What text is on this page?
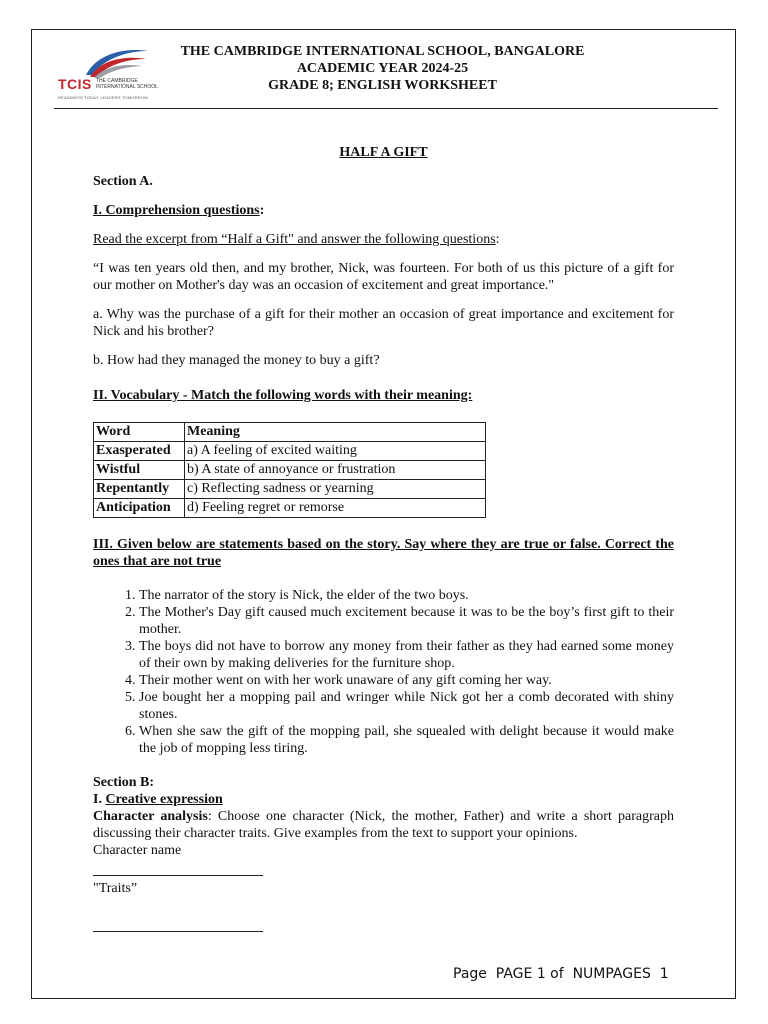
TCIS THE CAMBRIDGE
INTERNATIONAL SCHOOL
READINESS TODAY, LEADERS TOMORROW
THE CAMBRIDGE INTERNATIONAL SCHOOL, BANGALORE
ACADEMIC YEAR 2024-25
GRADE 8; ENGLISH WORKSHEET

HALF A GIFT

Section A.

I. Comprehension questions:

Read the excerpt from “Half a Gift" and answer the following questions:

“I was ten years old then, and my brother, Nick, was fourteen. For both of us this picture of a gift for our mother on Mother's day was an occasion of excitement and great importance."

a. Why was the purchase of a gift for their mother an occasion of great importance and excitement for Nick and his brother?

b. How had they managed the money to buy a gift?

II. Vocabulary - Match the following words with their meaning:

Word	Meaning
Exasperated	a) A feeling of excited waiting
Wistful	b) A state of annoyance or frustration
Repentantly	c) Reflecting sadness or yearning
Anticipation	d) Feeling regret or remorse

III. Given below are statements based on the story. Say where they are true or false. Correct the ones that are not true

1. The narrator of the story is Nick, the elder of the two boys.
2. The Mother's Day gift caused much excitement because it was to be the boy’s first gift to their mother.
3. The boys did not have to borrow any money from their father as they had earned some money of their own by making deliveries for the furniture shop.
4. Their mother went on with her work unaware of any gift coming her way.
5. Joe bought her a mopping pail and wringer while Nick got her a comb decorated with shiny stones.
6. When she saw the gift of the mopping pail, she squealed with delight because it would make the job of mopping less tiring.

Section B:

I. Creative expression

Character analysis: Choose one character (Nick, the mother, Father) and write a short paragraph discussing their character traits. Give examples from the text to support your opinions.

Character name

"Traits”

Page  PAGE 1 of  NUMPAGES  1
